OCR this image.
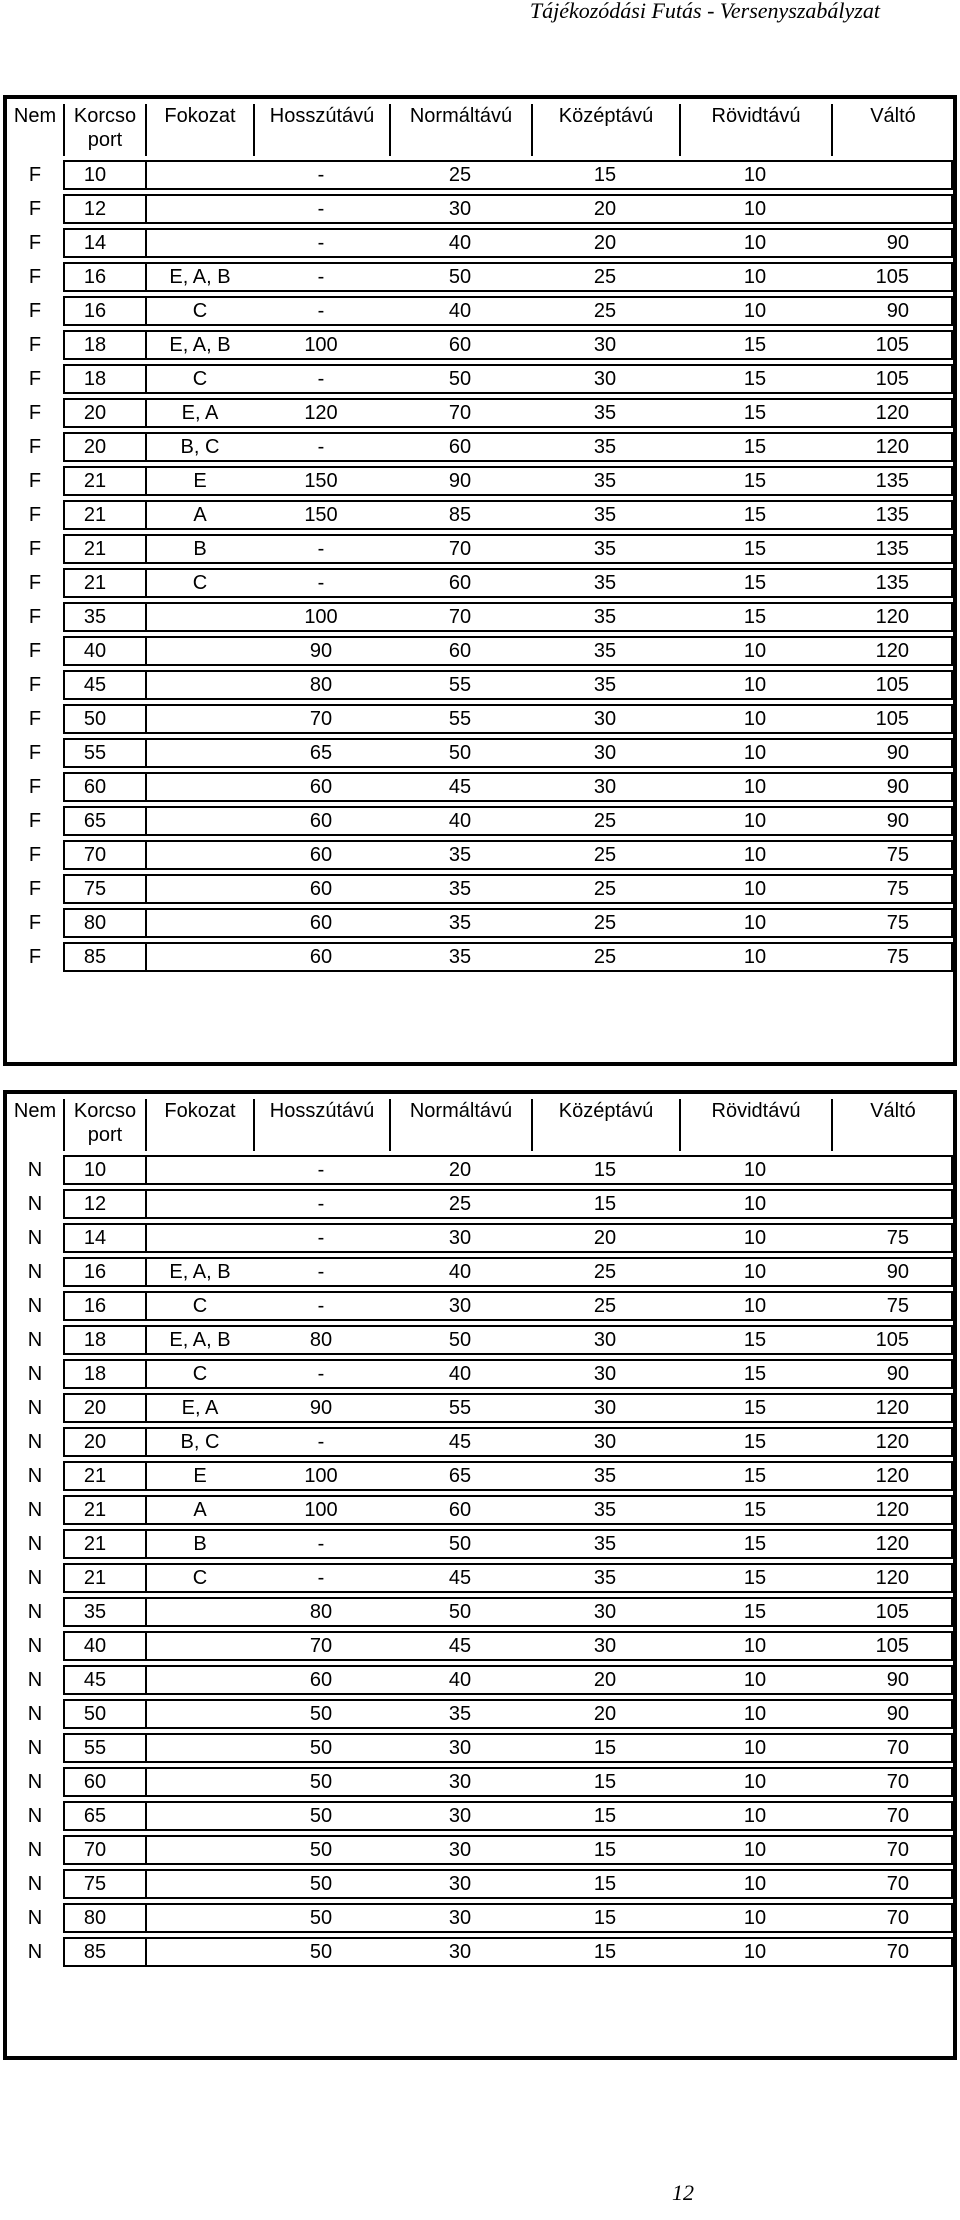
Tájékozódási Futás - Versenyszabályzat
Nem	Korcso port	Fokozat	Hosszútávú	Normáltávú	Középtávú	Rövidtávú	Váltó
F	10		-	25	15	10	
F	12		-	30	20	10	
F	14		-	40	20	10	90
F	16	E, A, B	-	50	25	10	105
F	16	C	-	40	25	10	90
F	18	E, A, B	100	60	30	15	105
F	18	C	-	50	30	15	105
F	20	E, A	120	70	35	15	120
F	20	B, C	-	60	35	15	120
F	21	E	150	90	35	15	135
F	21	A	150	85	35	15	135
F	21	B	-	70	35	15	135
F	21	C	-	60	35	15	135
F	35		100	70	35	15	120
F	40		90	60	35	10	120
F	45		80	55	35	10	105
F	50		70	55	30	10	105
F	55		65	50	30	10	90
F	60		60	45	30	10	90
F	65		60	40	25	10	90
F	70		60	35	25	10	75
F	75		60	35	25	10	75
F	80		60	35	25	10	75
F	85		60	35	25	10	75
Nem	Korcso port	Fokozat	Hosszútávú	Normáltávú	Középtávú	Rövidtávú	Váltó
N	10		-	20	15	10	
N	12		-	25	15	10	
N	14		-	30	20	10	75
N	16	E, A, B	-	40	25	10	90
N	16	C	-	30	25	10	75
N	18	E, A, B	80	50	30	15	105
N	18	C	-	40	30	15	90
N	20	E, A	90	55	30	15	120
N	20	B, C	-	45	30	15	120
N	21	E	100	65	35	15	120
N	21	A	100	60	35	15	120
N	21	B	-	50	35	15	120
N	21	C	-	45	35	15	120
N	35		80	50	30	15	105
N	40		70	45	30	10	105
N	45		60	40	20	10	90
N	50		50	35	20	10	90
N	55		50	30	15	10	70
N	60		50	30	15	10	70
N	65		50	30	15	10	70
N	70		50	30	15	10	70
N	75		50	30	15	10	70
N	80		50	30	15	10	70
N	85		50	30	15	10	70
12
